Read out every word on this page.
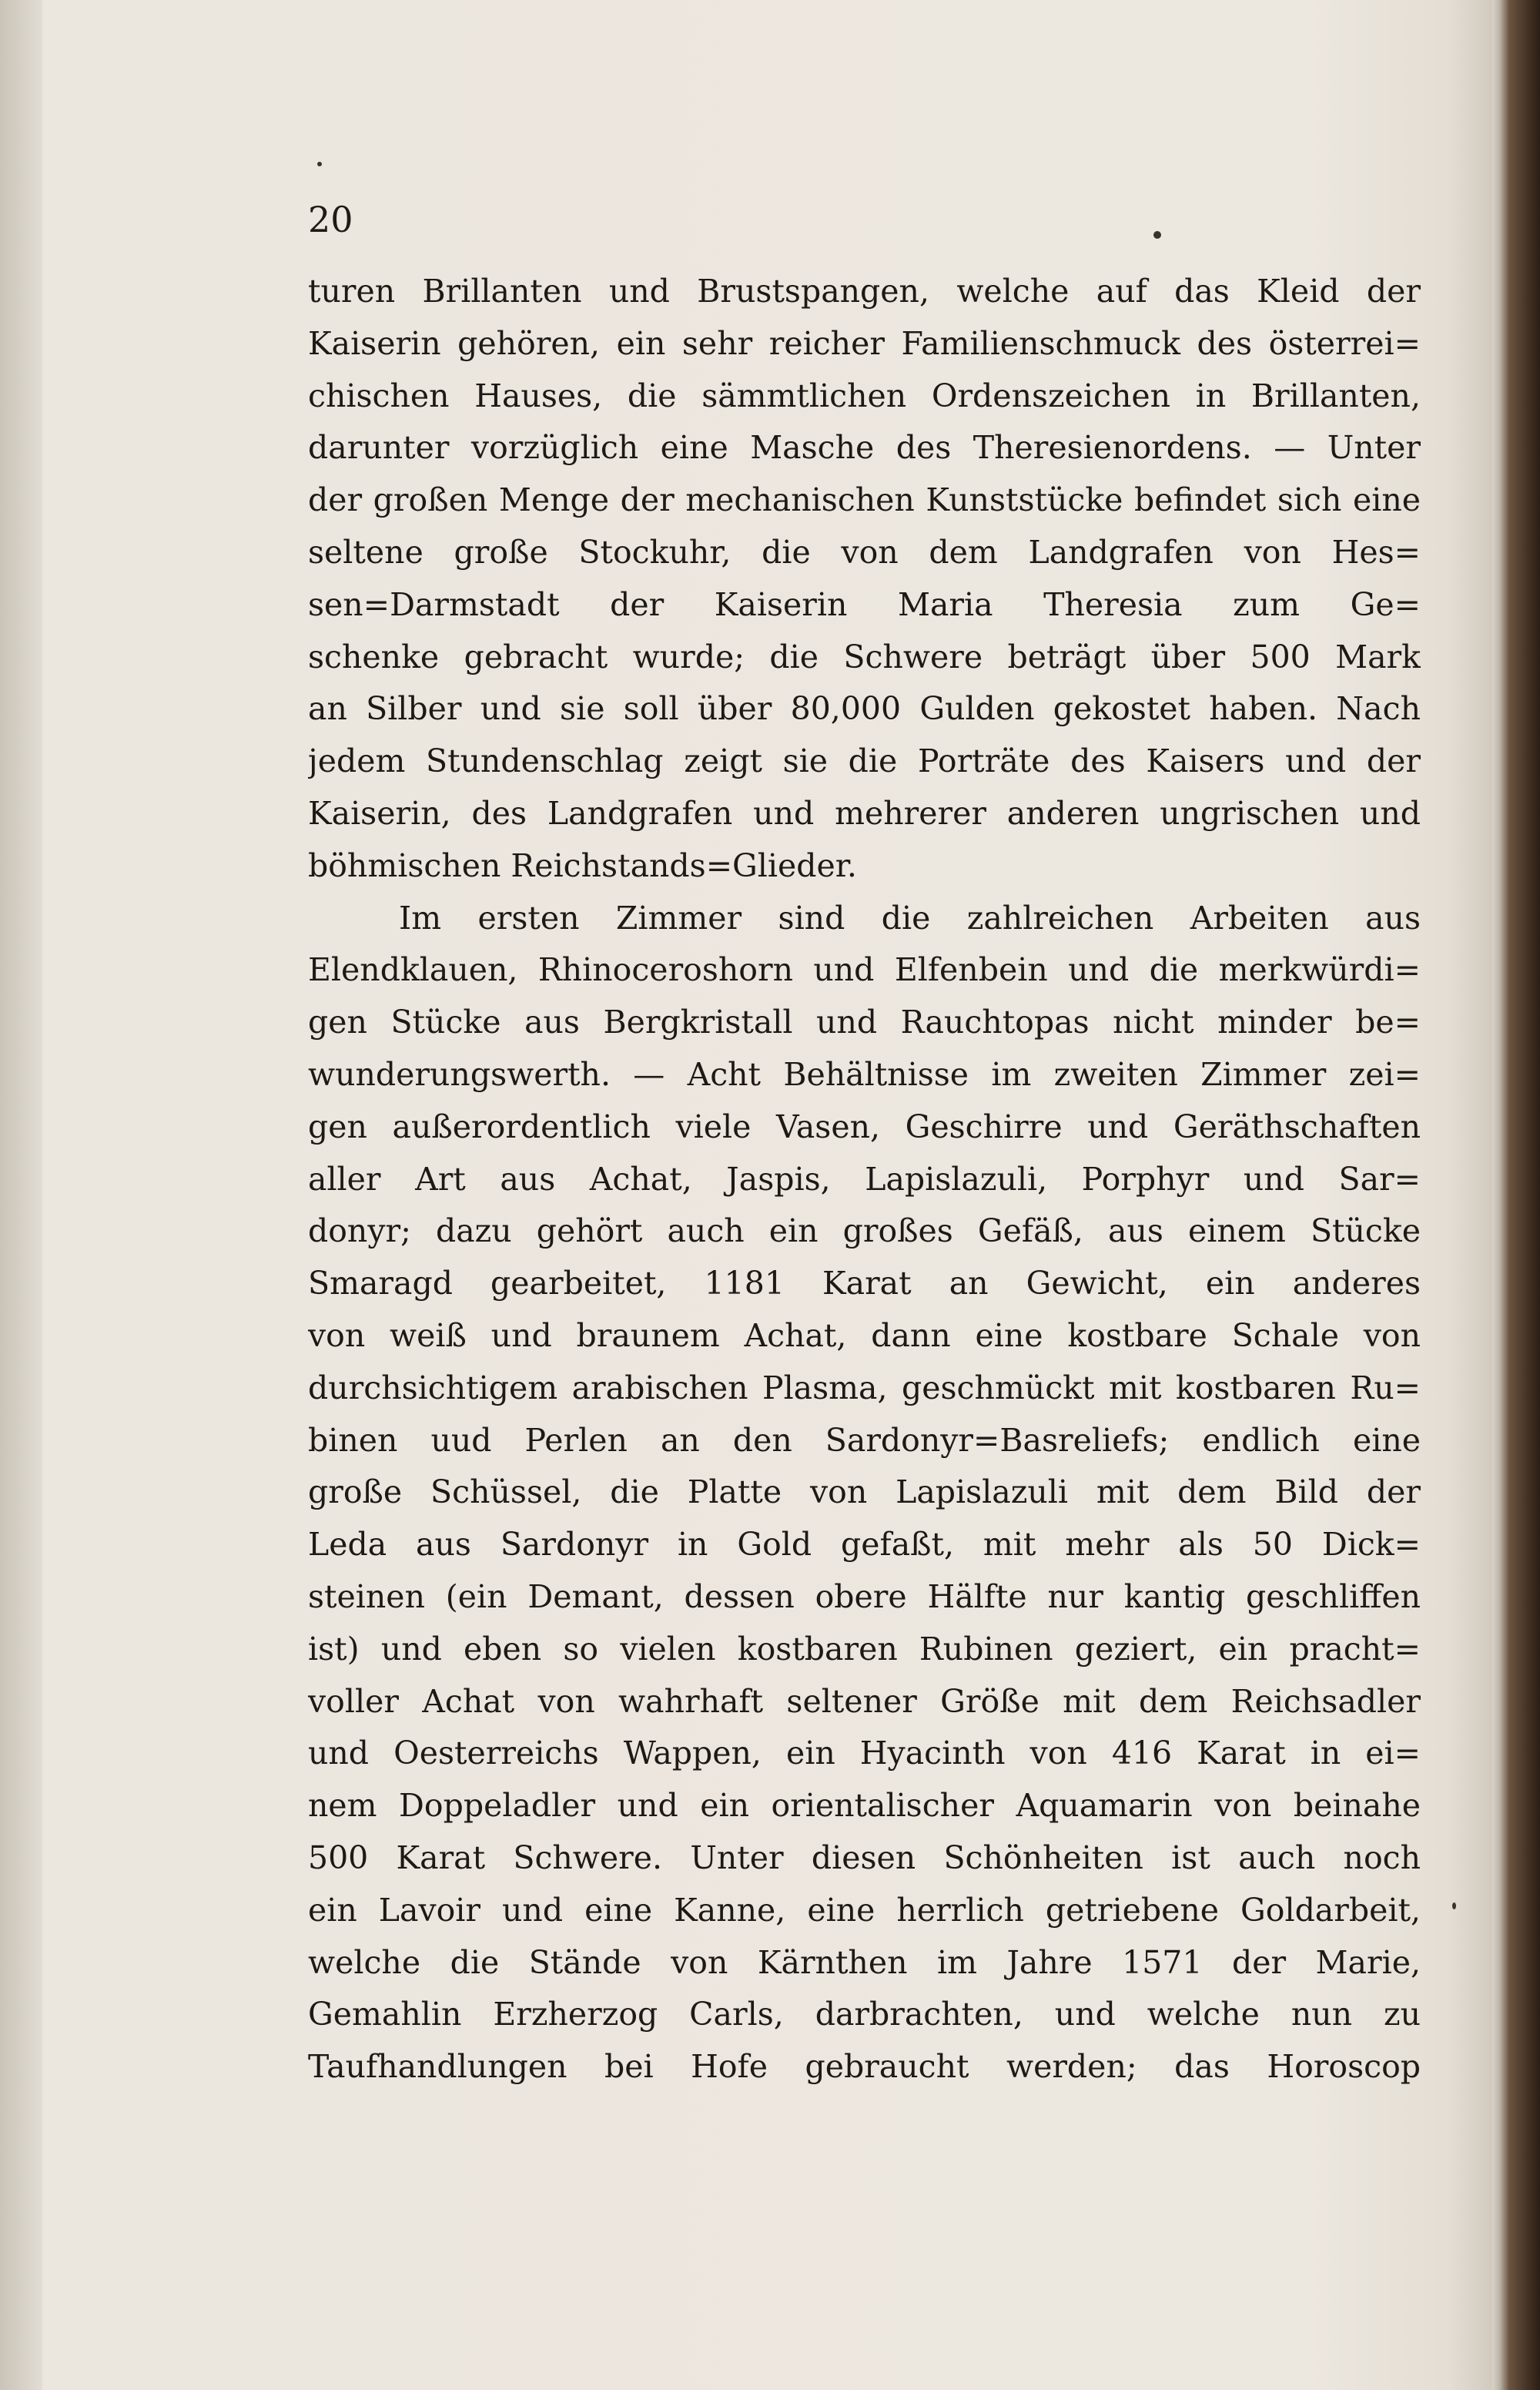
20
turen Brillanten und Brustspangen, welche auf das Kleid der
Kaiserin gehören, ein sehr reicher Familienschmuck des österrei=
chischen Hauses, die sämmtlichen Ordenszeichen in Brillanten,
darunter vorzüglich eine Masche des Theresienordens. — Unter
der großen Menge der mechanischen Kunststücke befindet sich eine
seltene große Stockuhr, die von dem Landgrafen von Hes=
sen=Darmstadt der Kaiserin Maria Theresia zum Ge=
schenke gebracht wurde; die Schwere beträgt über 500 Mark
an Silber und sie soll über 80,000 Gulden gekostet haben. Nach
jedem Stundenschlag zeigt sie die Porträte des Kaisers und der
Kaiserin, des Landgrafen und mehrerer anderen ungrischen und
böhmischen Reichstands=Glieder.
Im ersten Zimmer sind die zahlreichen Arbeiten aus
Elendklauen, Rhinoceroshorn und Elfenbein und die merkwürdi=
gen Stücke aus Bergkristall und Rauchtopas nicht minder be=
wunderungswerth. — Acht Behältnisse im zweiten Zimmer zei=
gen außerordentlich viele Vasen, Geschirre und Geräthschaften
aller Art aus Achat, Jaspis, Lapislazuli, Porphyr und Sar=
donyr; dazu gehört auch ein großes Gefäß, aus einem Stücke
Smaragd gearbeitet, 1181 Karat an Gewicht, ein anderes
von weiß und braunem Achat, dann eine kostbare Schale von
durchsichtigem arabischen Plasma, geschmückt mit kostbaren Ru=
binen uud Perlen an den Sardonyr=Basreliefs; endlich eine
große Schüssel, die Platte von Lapislazuli mit dem Bild der
Leda aus Sardonyr in Gold gefaßt, mit mehr als 50 Dick=
steinen (ein Demant, dessen obere Hälfte nur kantig geschliffen
ist) und eben so vielen kostbaren Rubinen geziert, ein pracht=
voller Achat von wahrhaft seltener Größe mit dem Reichsadler
und Oesterreichs Wappen, ein Hyacinth von 416 Karat in ei=
nem Doppeladler und ein orientalischer Aquamarin von beinahe
500 Karat Schwere. Unter diesen Schönheiten ist auch noch
ein Lavoir und eine Kanne, eine herrlich getriebene Goldarbeit,
welche die Stände von Kärnthen im Jahre 1571 der Marie,
Gemahlin Erzherzog Carls, darbrachten, und welche nun zu
Taufhandlungen bei Hofe gebraucht werden; das Horoscop
